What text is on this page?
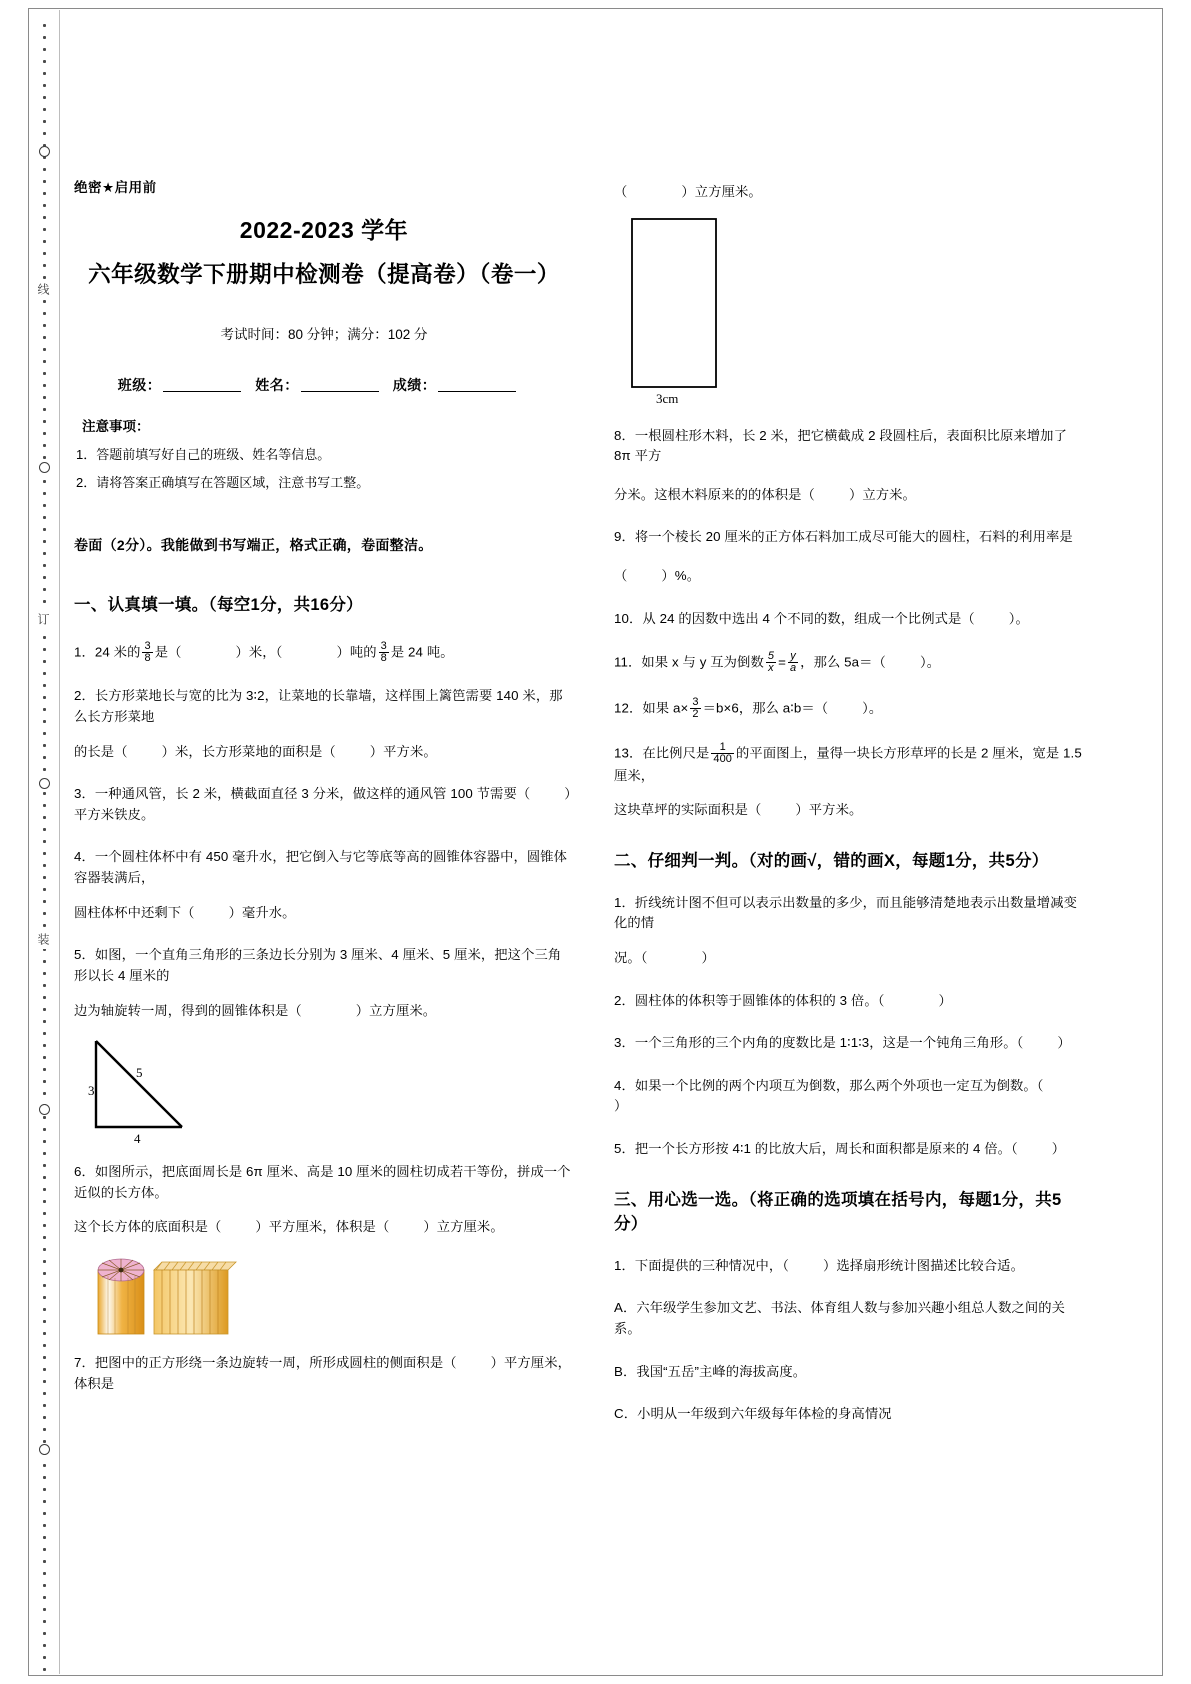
线
订
装
绝密★启用前
2022-2023 学年
六年级数学下册期中检测卷（提高卷）（卷一）
考试时间：80 分钟；满分：102 分
班级：	姓名：	成绩：
注意事项：
1．答题前填写好自己的班级、姓名等信息。
2．请将答案正确填写在答题区域，注意书写工整。
卷面（2分）。我能做到书写端正，格式正确，卷面整洁。
一、认真填一填。（每空1分，共16分）
1．24 米的 $\frac{3}{8}$ 是（	）米，（	）吨的 $\frac{3}{8}$ 是 24 吨。
2．长方形菜地长与宽的比为 3∶2，让菜地的长靠墙，这样围上篱笆需要 140 米，那么长方形菜地
的长是（	）米，长方形菜地的面积是（	）平方米。
3．一种通风管，长 2 米，横截面直径 3 分米，做这样的通风管 100 节需要（	）平方米铁皮。
4．一个圆柱体杯中有 450 毫升水，把它倒入与它等底等高的圆锥体容器中，圆锥体容器装满后，
圆柱体杯中还剩下（	）毫升水。
5．如图，一个直角三角形的三条边长分别为 3 厘米、4 厘米、5 厘米，把这个三角形以长 4 厘米的
边为轴旋转一周，得到的圆锥体积是（	）立方厘米。
3
5
4
6．如图所示，把底面周长是 6π 厘米、高是 10 厘米的圆柱切成若干等份，拼成一个近似的长方体。
这个长方体的底面积是（	）平方厘米，体积是（	）立方厘米。
7．把图中的正方形绕一条边旋转一周，所形成圆柱的侧面积是（	）平方厘米，体积是
（	）立方厘米。
3cm
8．一根圆柱形木料，长 2 米，把它横截成 2 段圆柱后，表面积比原来增加了 8π 平方
分米。这根木料原来的的体积是（	）立方米。
9．将一个棱长 20 厘米的正方体石料加工成尽可能大的圆柱，石料的利用率是
（	）%。
10．从 24 的因数中选出 4 个不同的数，组成一个比例式是（	）。
11．如果 x 与 y 互为倒数 $\frac{5}{x} = \frac{y}{a}$ ，那么 5a＝（	）。
12．如果 $a\times \frac{3}{2} =b\times 6$，那么 a∶b＝（	）。
13．在比例尺是 $\frac{1}{400}$ 的平面图上，量得一块长方形草坪的长是 2 厘米，宽是 1.5 厘米，
这块草坪的实际面积是（	）平方米。
二、仔细判一判。（对的画√，错的画X，每题1分，共5分）
1．折线统计图不但可以表示出数量的多少，而且能够清楚地表示出数量增减变化的情
况。（	）
2．圆柱体的体积等于圆锥体的体积的 3 倍。（	）
3．一个三角形的三个内角的度数比是 1∶1∶3，这是一个钝角三角形。（	）
4．如果一个比例的两个内项互为倒数，那么两个外项也一定互为倒数。（）
5．把一个长方形按 4∶1 的比放大后，周长和面积都是原来的 4 倍。（	）
三、用心选一选。（将正确的选项填在括号内，每题1分，共5分）
1．下面提供的三种情况中，（	）选择扇形统计图描述比较合适。
A．六年级学生参加文艺、书法、体育组人数与参加兴趣小组总人数之间的关系。
B．我国“五岳”主峰的海拔高度。
C．小明从一年级到六年级每年体检的身高情况
